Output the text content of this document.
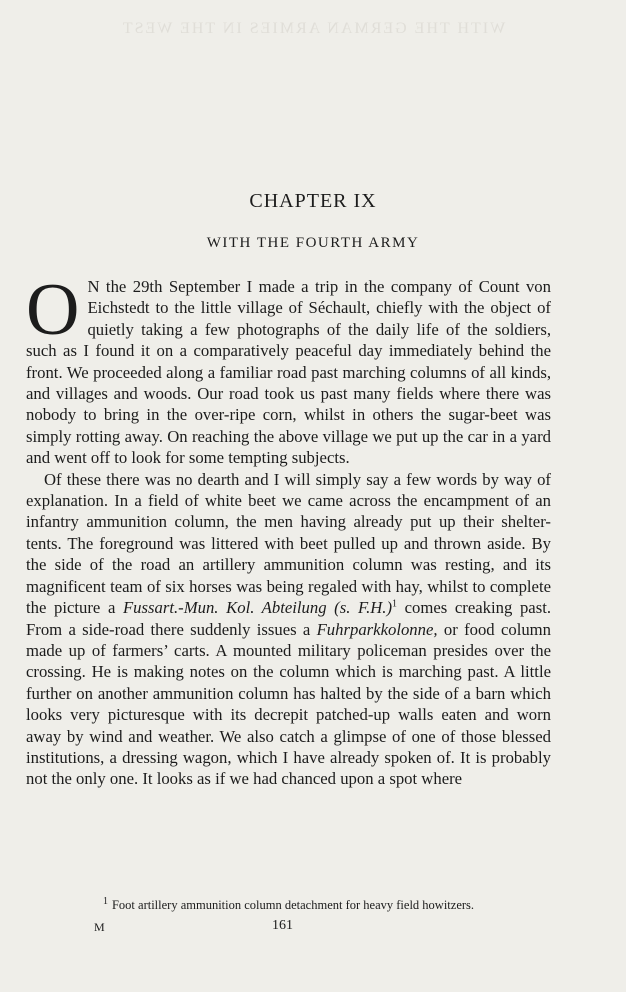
WITH THE GERMAN ARMIES IN THE WEST
CHAPTER IX
WITH THE FOURTH ARMY

O N the 29th September I made a trip in the company of Count von Eichstedt to the little village of Séchault, chiefly with the object of quietly taking a few photographs of the daily life of the soldiers, such as I found it on a comparatively peaceful day immediately behind the front. We proceeded along a familiar road past marching columns of all kinds, and villages and woods. Our road took us past many fields where there was nobody to bring in the over-ripe corn, whilst in others the sugar-beet was simply rotting away. On reaching the above village we put up the car in a yard and went off to look for some tempting subjects.

Of these there was no dearth and I will simply say a few words by way of explanation. In a field of white beet we came across the encampment of an infantry ammunition column, the men having already put up their shelter-tents. The foreground was littered with beet pulled up and thrown aside. By the side of the road an artillery ammunition column was resting, and its magnificent team of six horses was being regaled with hay, whilst to complete the picture a Fussart.-Mun. Kol. Abteilung (s. F.H.)$^1$ comes creaking past. From a side-road there suddenly issues a Fuhrparkkolonne, or food column made up of farmers’ carts. A mounted military policeman presides over the crossing. He is making notes on the column which is marching past. A little further on another ammunition column has halted by the side of a barn which looks very picturesque with its decrepit patched-up walls eaten and worn away by wind and weather. We also catch a glimpse of one of those blessed institutions, a dressing wagon, which I have already spoken of. It is probably not the only one. It looks as if we had chanced upon a spot where

$^1$ Foot artillery ammunition column detachment for heavy field howitzers.
M	161
